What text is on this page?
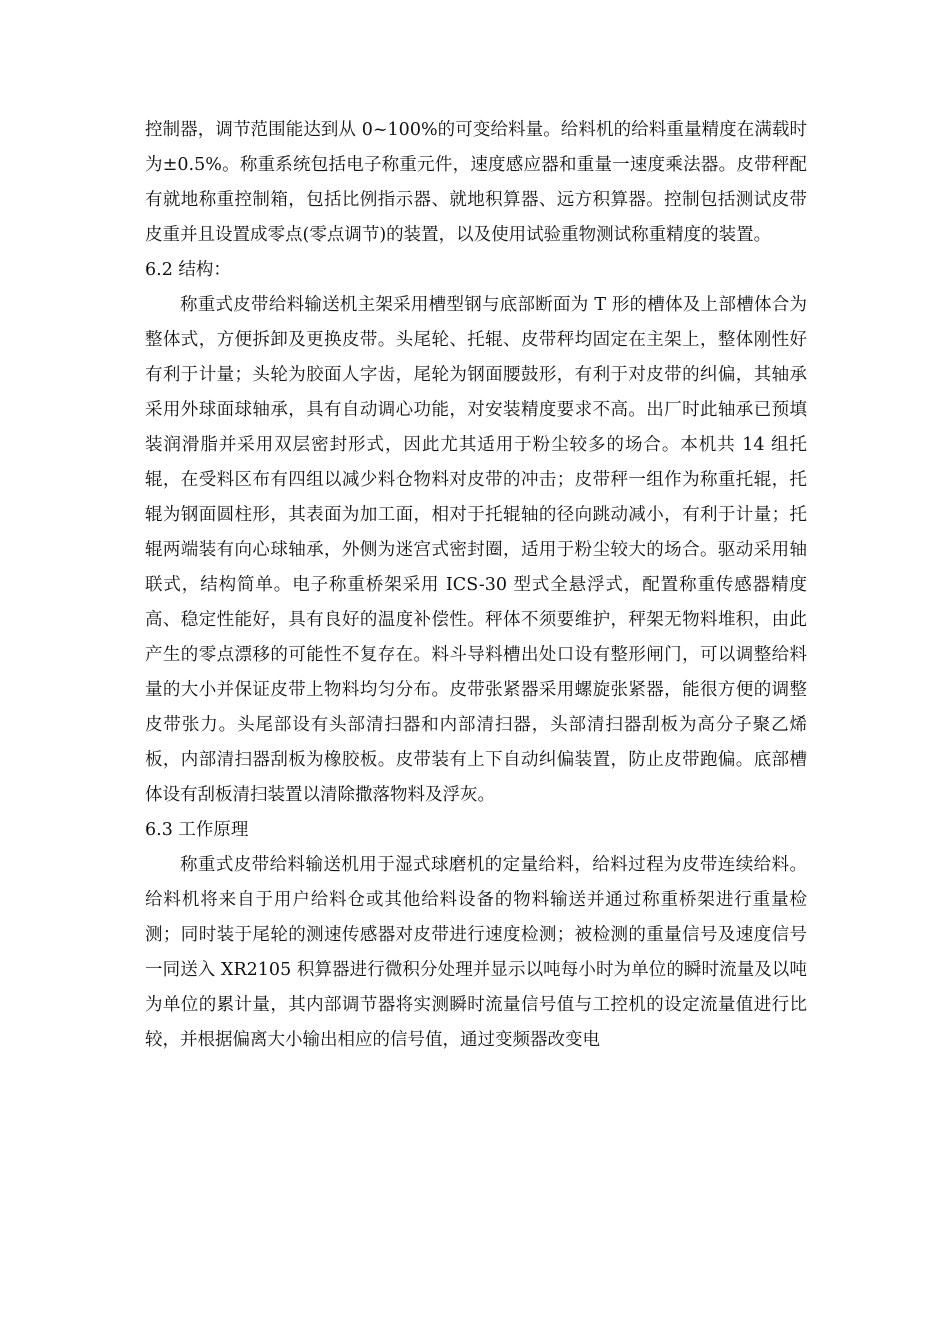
控制器，调节范围能达到从 0~100%的可变给料量。给料机的给料重量精度在满载时为±0.5%。称重系统包括电子称重元件，速度感应器和重量一速度乘法器。皮带秤配有就地称重控制箱，包括比例指示器、就地积算器、远方积算器。控制包括测试皮带皮重并且设置成零点(零点调节)的装置，以及使用试验重物测试称重精度的装置。

6.2 结构：

称重式皮带给料输送机主架采用槽型钢与底部断面为 T 形的槽体及上部槽体合为整体式，方便拆卸及更换皮带。头尾轮、托辊、皮带秤均固定在主架上，整体刚性好有利于计量；头轮为胶面人字齿，尾轮为钢面腰鼓形，有利于对皮带的纠偏，其轴承采用外球面球轴承，具有自动调心功能，对安装精度要求不高。出厂时此轴承已预填装润滑脂并采用双层密封形式，因此尤其适用于粉尘较多的场合。本机共 14 组托辊，在受料区布有四组以减少料仓物料对皮带的冲击；皮带秤一组作为称重托辊，托辊为钢面圆柱形，其表面为加工面，相对于托辊轴的径向跳动减小，有利于计量；托辊两端装有向心球轴承，外侧为迷宫式密封圈，适用于粉尘较大的场合。驱动采用轴联式，结构简单。电子称重桥架采用 ICS-30 型式全悬浮式，配置称重传感器精度高、稳定性能好，具有良好的温度补偿性。秤体不须要维护，秤架无物料堆积，由此产生的零点漂移的可能性不复存在。料斗导料槽出处口设有整形闸门，可以调整给料量的大小并保证皮带上物料均匀分布。皮带张紧器采用螺旋张紧器，能很方便的调整皮带张力。头尾部设有头部清扫器和内部清扫器，头部清扫器刮板为高分子聚乙烯板，内部清扫器刮板为橡胶板。皮带装有上下自动纠偏装置，防止皮带跑偏。底部槽体设有刮板清扫装置以清除撒落物料及浮灰。

6.3 工作原理

称重式皮带给料输送机用于湿式球磨机的定量给料，给料过程为皮带连续给料。给料机将来自于用户给料仓或其他给料设备的物料输送并通过称重桥架进行重量检测；同时装于尾轮的测速传感器对皮带进行速度检测；被检测的重量信号及速度信号一同送入 XR2105 积算器进行微积分处理并显示以吨每小时为单位的瞬时流量及以吨为单位的累计量，其内部调节器将实测瞬时流量信号值与工控机的设定流量值进行比较，并根据偏离大小输出相应的信号值，通过变频器改变电
